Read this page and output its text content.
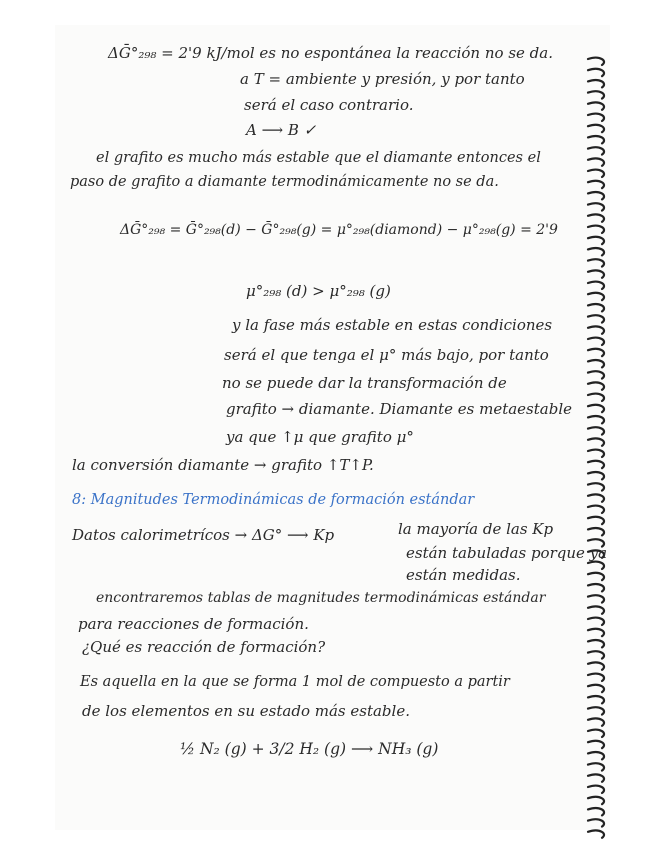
ΔḠ°₂₉₈ = 2'9 kJ/mol es no espontánea la reacción no se da.
a T = ambiente y presión, y por tanto
será el caso contrario.
A ⟶ B ✓
el grafito es mucho más estable que el diamante entonces el
paso de grafito a diamante termodinámicamente no se da.
ΔḠ°₂₉₈ = Ḡ°₂₉₈(d) − Ḡ°₂₉₈(g) = μ°₂₉₈(diamond) − μ°₂₉₈(g) = 2'9
μ°₂₉₈ (d) > μ°₂₉₈ (g)
y la fase más estable en estas condiciones
será el que tenga el μ° más bajo, por tanto
no se puede dar la transformación de
grafito → diamante. Diamante es metaestable
ya que ↑μ que grafito μ°
la conversión diamante → grafito ↑T↑P.
8: Magnitudes Termodinámicas de formación estándar
Datos calorimetrícos → ΔG° ⟶ Kp	la mayoría de las Kp
están tabuladas porque ya
están medidas.
encontraremos tablas de magnitudes termodinámicas estándar
para reacciones de formación.
¿Qué es reacción de formación?
Es aquella en la que se forma 1 mol de compuesto a partir
de los elementos en su estado más estable.
½ N₂ (g) + 3/2 H₂ (g) ⟶ NH₃ (g)
